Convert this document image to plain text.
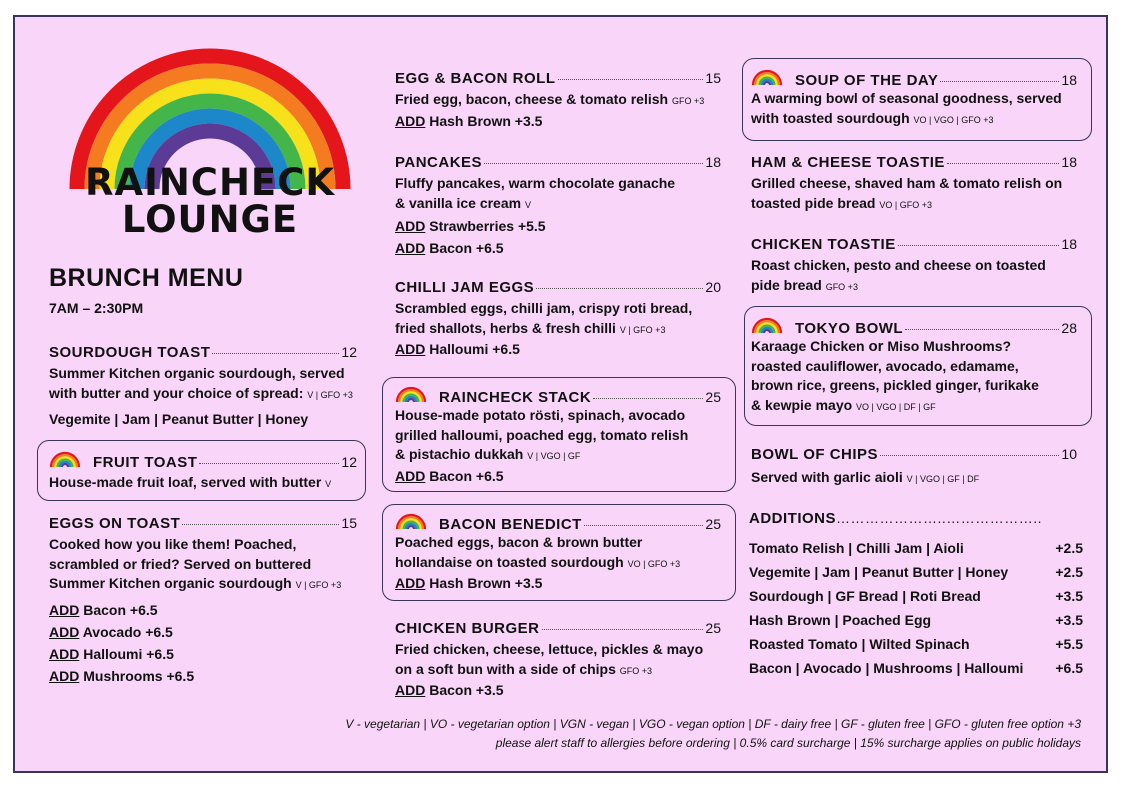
RAINCHECK
LOUNGE
BRUNCH MENU
7AM – 2:30PM
SOURDOUGH TOAST	12
Summer Kitchen organic sourdough, served
with butter and your choice of spread: V | GFO +3
Vegemite | Jam | Peanut Butter | Honey
FRUIT TOAST	12
House-made fruit loaf, served with butter V
EGGS ON TOAST	15
Cooked how you like them! Poached,
scrambled or fried? Served on buttered
Summer Kitchen organic sourdough V | GFO +3
ADD Bacon +6.5
ADD Avocado +6.5
ADD Halloumi +6.5
ADD Mushrooms +6.5
EGG & BACON ROLL	15
Fried egg, bacon, cheese & tomato relish GFO +3
ADD Hash Brown +3.5
PANCAKES	18
Fluffy pancakes, warm chocolate ganache
& vanilla ice cream V
ADD Strawberries +5.5
ADD Bacon +6.5
CHILLI JAM EGGS	20
Scrambled eggs, chilli jam, crispy roti bread,
fried shallots, herbs & fresh chilli V | GFO +3
ADD Halloumi +6.5
RAINCHECK STACK	25
House-made potato rösti, spinach, avocado
grilled halloumi, poached egg, tomato relish
& pistachio dukkah V | VGO | GF
ADD Bacon +6.5
BACON BENEDICT	25
Poached eggs, bacon & brown butter
hollandaise on toasted sourdough VO | GFO +3
ADD Hash Brown +3.5
CHICKEN BURGER	25
Fried chicken, cheese, lettuce, pickles & mayo
on a soft bun with a side of chips GFO +3
ADD Bacon +3.5
SOUP OF THE DAY	18
A warming bowl of seasonal goodness, served
with toasted sourdough VO | VGO | GFO +3
HAM & CHEESE TOASTIE	18
Grilled cheese, shaved ham & tomato relish on
toasted pide bread VO | GFO +3
CHICKEN TOASTIE	18
Roast chicken, pesto and cheese on toasted
pide bread GFO +3
TOKYO BOWL	28
Karaage Chicken or Miso Mushrooms?
roasted cauliflower, avocado, edamame,
brown rice, greens, pickled ginger, furikake
& kewpie mayo VO | VGO | DF | GF
BOWL OF CHIPS	10
Served with garlic aioli V | VGO | GF | DF
ADDITIONS …………………..………………..
Tomato Relish | Chilli Jam | Aioli	+2.5
Vegemite | Jam | Peanut Butter | Honey	+2.5
Sourdough | GF Bread | Roti Bread	+3.5
Hash Brown | Poached Egg	+3.5
Roasted Tomato | Wilted Spinach	+5.5
Bacon | Avocado | Mushrooms | Halloumi +6.5
V - vegetarian | VO - vegetarian option | VGN - vegan | VGO - vegan option | DF - dairy free | GF - gluten free | GFO - gluten free option +3
please alert staff to allergies before ordering | 0.5% card surcharge | 15% surcharge applies on public holidays
